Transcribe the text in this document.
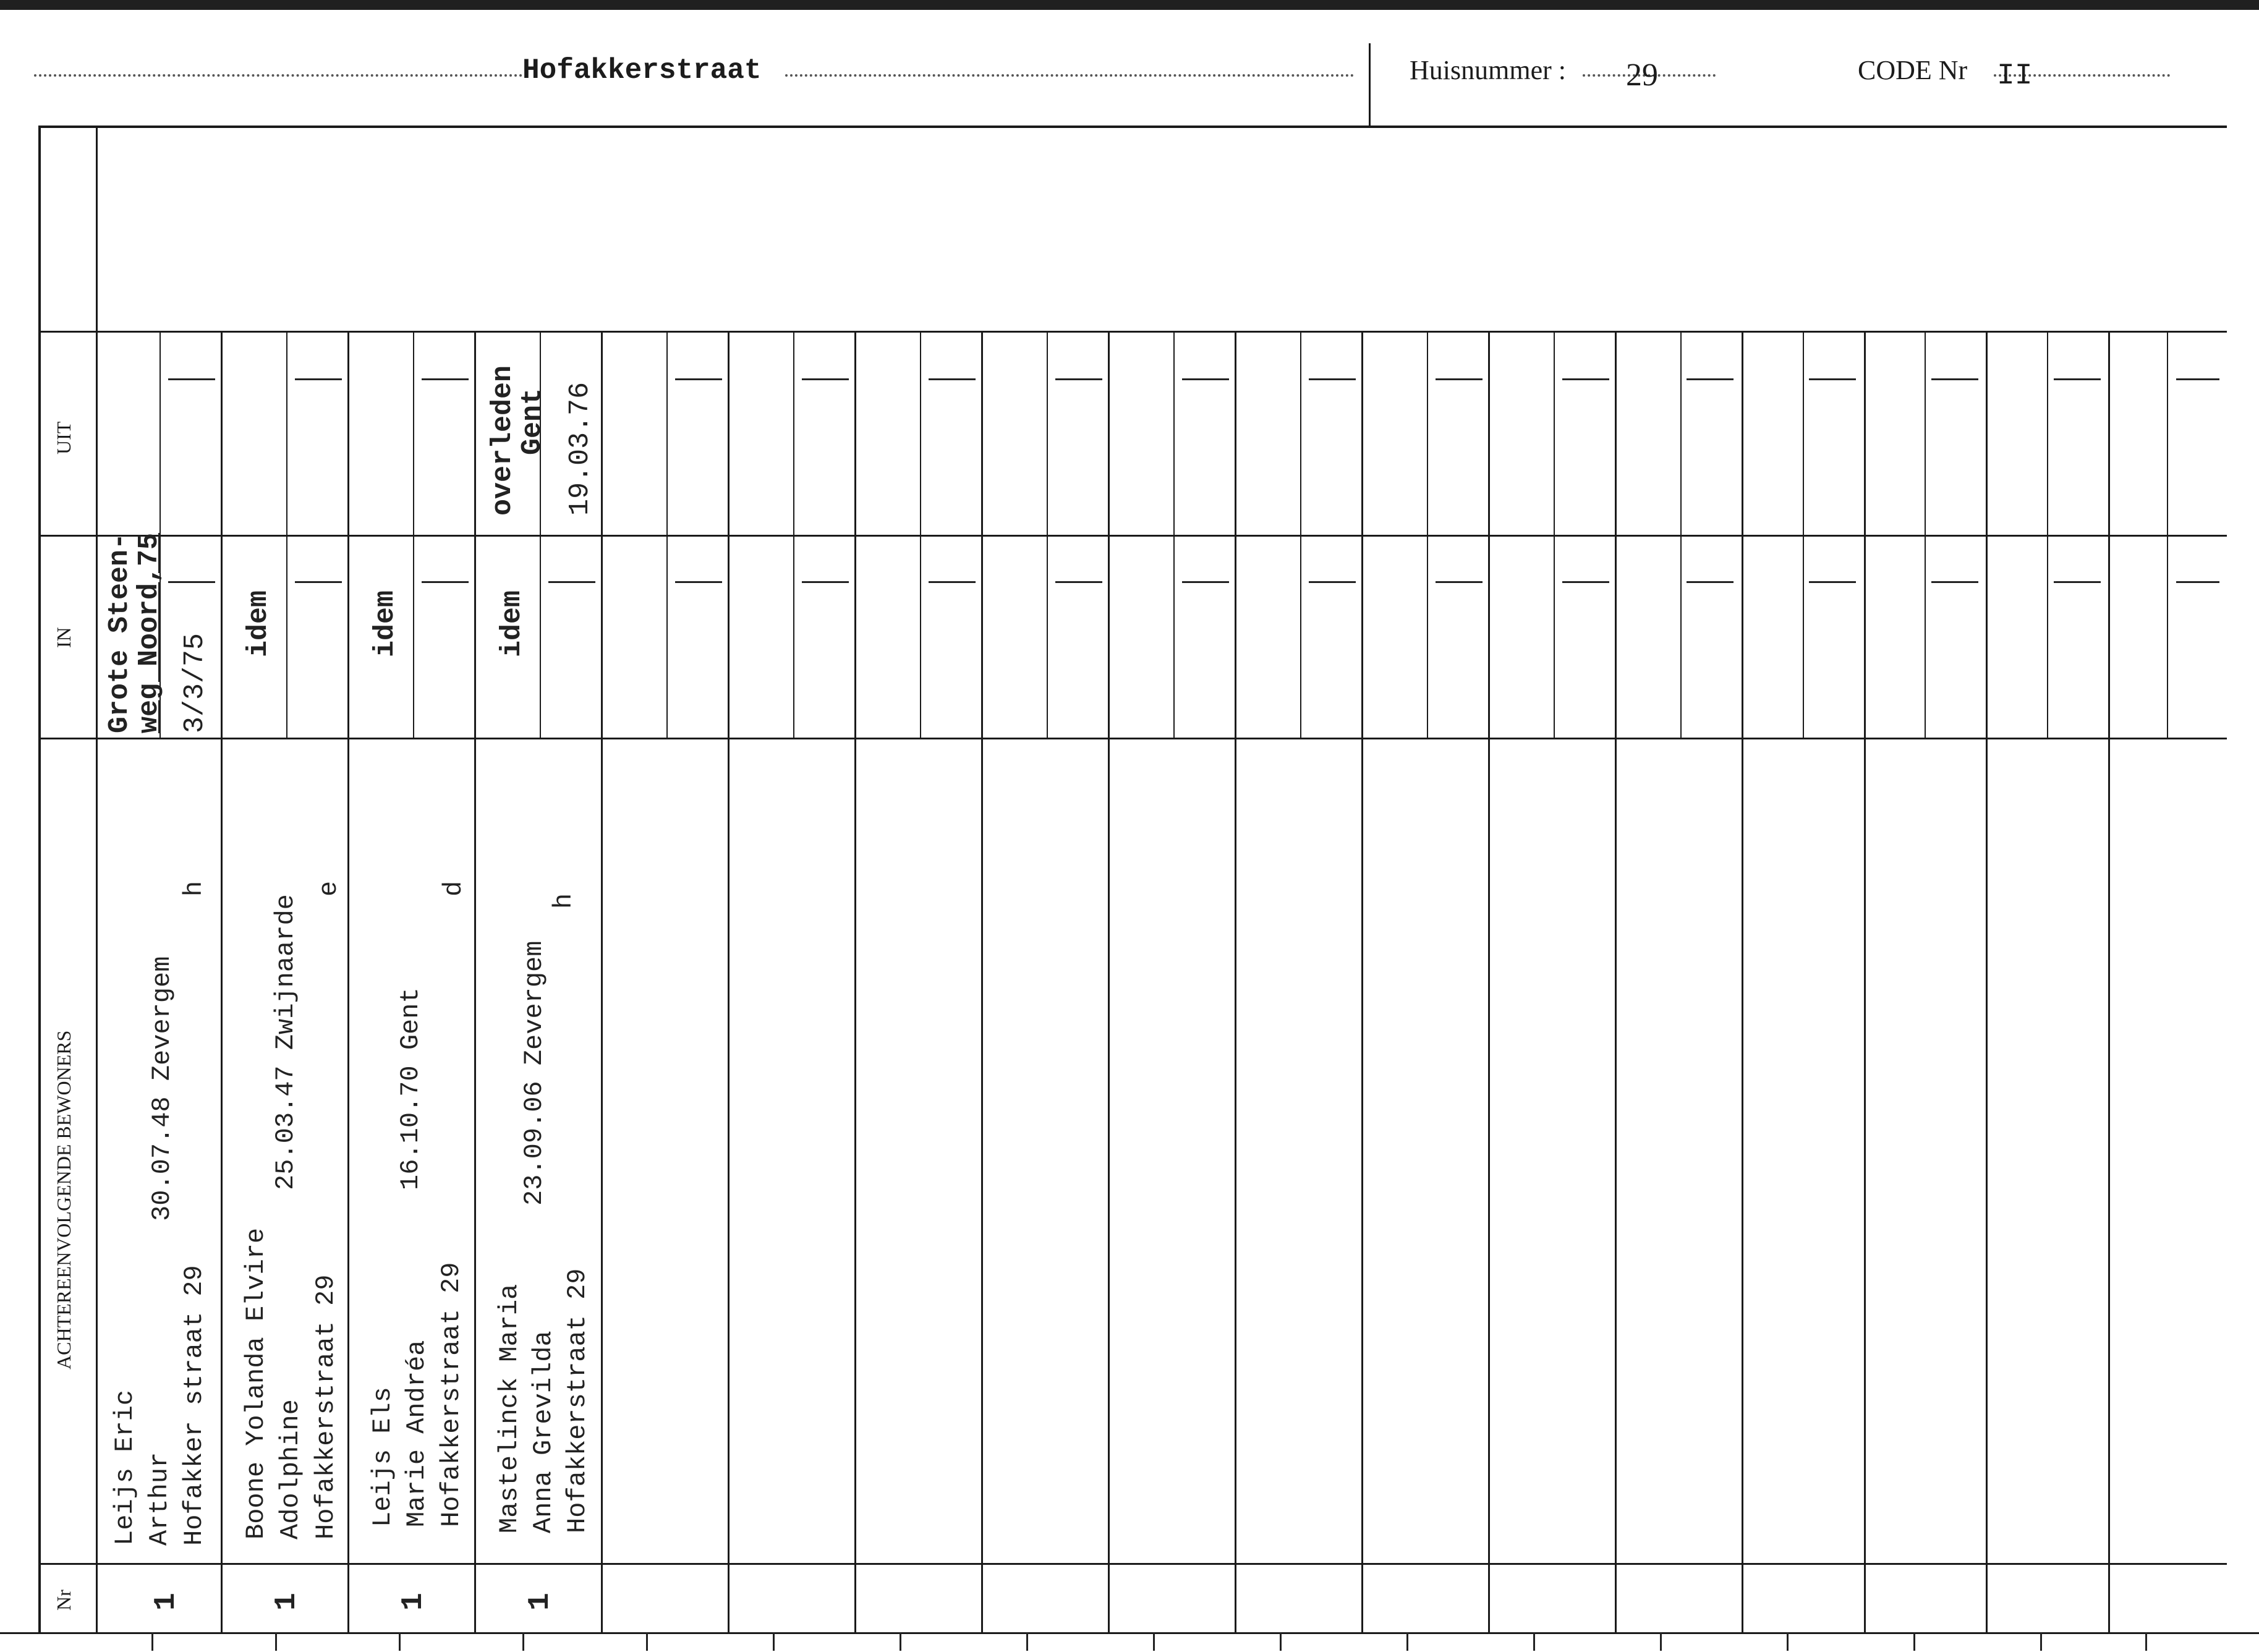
Hofakkerstraat	Huisnummer : 29	CODE Nr II
UIT
IN
ACHTEREENVOLGENDE BEWONERS
Nr
Grote Steen-
weg Noord,75 3/3/75
Leijs Eric Arthur Hofakker straat 29
30.07.48 Zevergem
h
1
idem
Boone Yolanda Elvire Adolphine Hofakkerstraat 29
25.03.47 Zwijnaarde
e
1
idem
Leijs Els Marie Andréa Hofakkerstraat 29
16.10.70 Gent
d
1
overleden
Gent 19.03.76
idem
Mastelinck Maria Anna Grevilda Hofakkerstraat 29
23.09.06 Zevergem
h
1
